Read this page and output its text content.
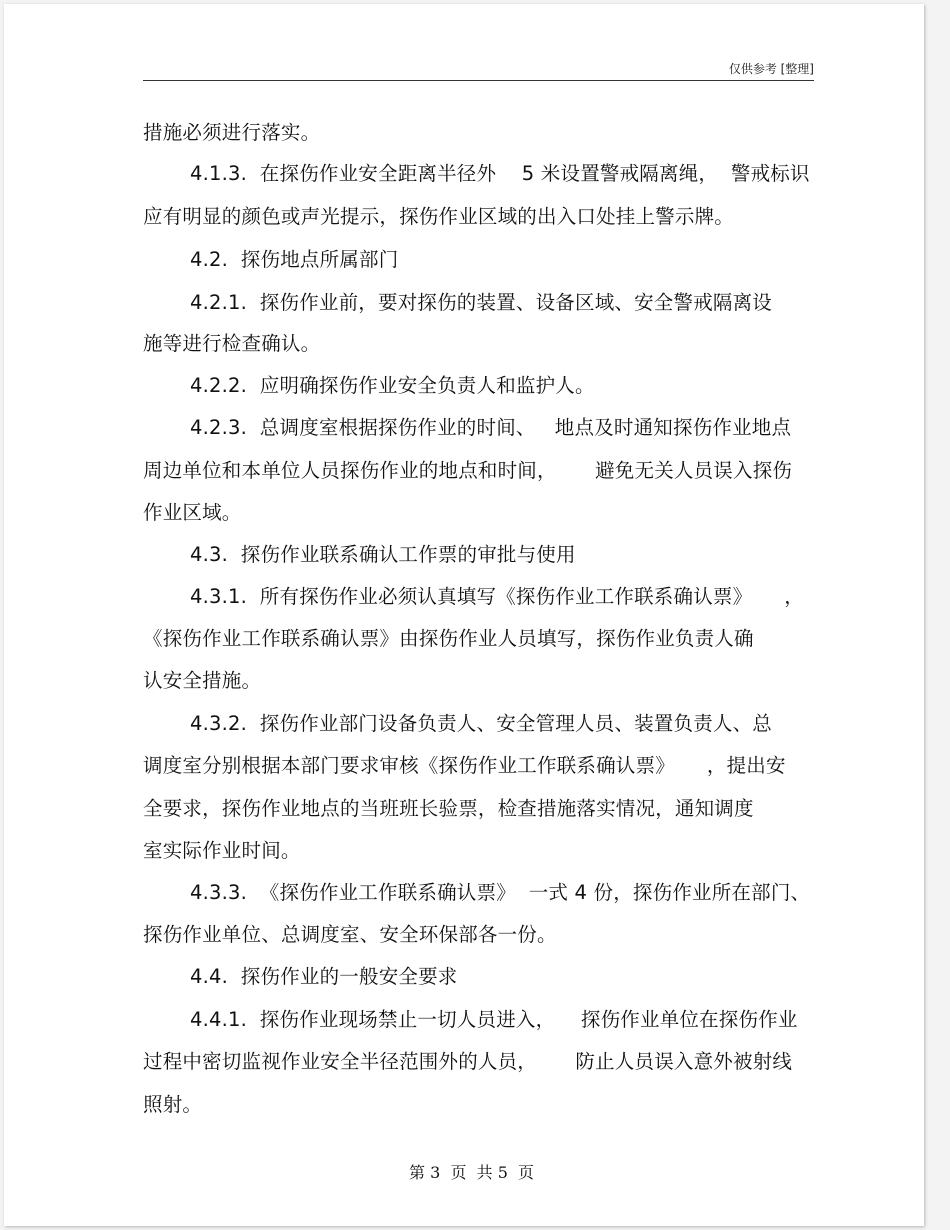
仅供参考 [整理]
措施必须进行落实。
4.1.3.  在探伤作业安全距离半径外    5 米设置警戒隔离绳，  警戒标识
应有明显的颜色或声光提示，探伤作业区域的出入口处挂上警示牌。
4.2.  探伤地点所属部门
4.2.1.  探伤作业前，要对探伤的装置、设备区域、安全警戒隔离设
施等进行检查确认。
4.2.2.  应明确探伤作业安全负责人和监护人。
4.2.3.  总调度室根据探伤作业的时间、   地点及时通知探伤作业地点
周边单位和本单位人员探伤作业的地点和时间，      避免无关人员误入探伤
作业区域。
4.3.  探伤作业联系确认工作票的审批与使用
4.3.1.  所有探伤作业必须认真填写《探伤作业工作联系确认票》     ，
《探伤作业工作联系确认票》由探伤作业人员填写，探伤作业负责人确
认安全措施。
4.3.2.  探伤作业部门设备负责人、安全管理人员、装置负责人、总
调度室分别根据本部门要求审核《探伤作业工作联系确认票》     ，提出安
全要求，探伤作业地点的当班班长验票，检查措施落实情况，通知调度
室实际作业时间。
4.3.3.  《探伤作业工作联系确认票》  一式 4 份，探伤作业所在部门、
探伤作业单位、总调度室、安全环保部各一份。
4.4.  探伤作业的一般安全要求
4.4.1.  探伤作业现场禁止一切人员进入，    探伤作业单位在探伤作业
过程中密切监视作业安全半径范围外的人员，      防止人员误入意外被射线
照射。
第 3  页  共 5  页
